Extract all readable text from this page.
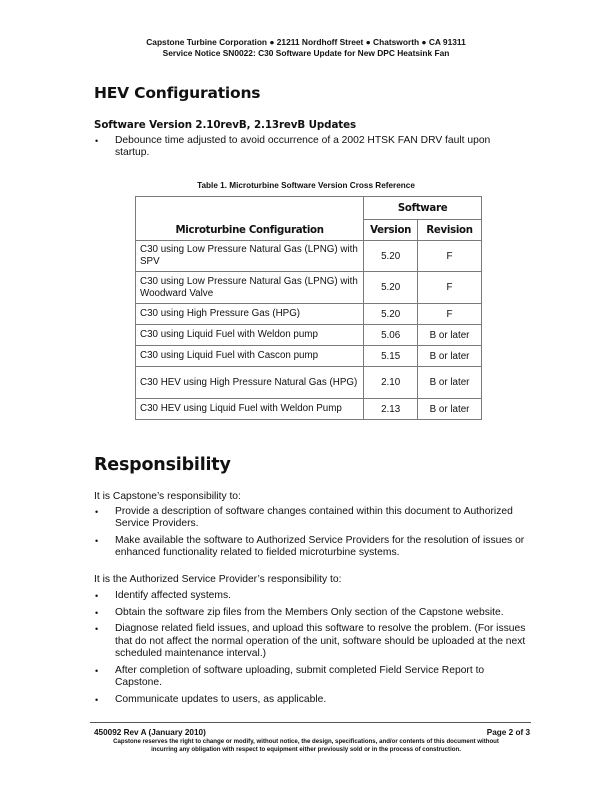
Capstone Turbine Corporation ● 21211 Nordhoff Street ● Chatsworth ● CA 91311
Service Notice SN0022: C30 Software Update for New DPC Heatsink Fan
HEV Configurations
Software Version 2.10revB, 2.13revB Updates
• Debounce time adjusted to avoid occurrence of a 2002 HTSK FAN DRV fault upon startup.
Table 1. Microturbine Software Version Cross Reference
Microturbine Configuration	Software	
	Version	Revision
C30 using Low Pressure Natural Gas (LPNG) with SPV	5.20	F
C30 using Low Pressure Natural Gas (LPNG) with Woodward Valve	5.20	F
C30 using High Pressure Gas (HPG)	5.20	F
C30 using Liquid Fuel with Weldon pump	5.06	B or later
C30 using Liquid Fuel with Cascon pump	5.15	B or later
C30 HEV using High Pressure Natural Gas (HPG)	2.10	B or later
C30 HEV using Liquid Fuel with Weldon Pump	2.13	B or later
Responsibility
It is Capstone’s responsibility to:
• Provide a description of software changes contained within this document to Authorized Service Providers.
• Make available the software to Authorized Service Providers for the resolution of issues or enhanced functionality related to fielded microturbine systems.
It is the Authorized Service Provider’s responsibility to:
• Identify affected systems.
• Obtain the software zip files from the Members Only section of the Capstone website.
• Diagnose related field issues, and upload this software to resolve the problem. (For issues that do not affect the normal operation of the unit, software should be uploaded at the next scheduled maintenance interval.)
• After completion of software uploading, submit completed Field Service Report to Capstone.
• Communicate updates to users, as applicable.
450092 Rev A (January 2010)	Page 2 of 3
Capstone reserves the right to change or modify, without notice, the design, specifications, and/or contents of this document without
incurring any obligation with respect to equipment either previously sold or in the process of construction.
